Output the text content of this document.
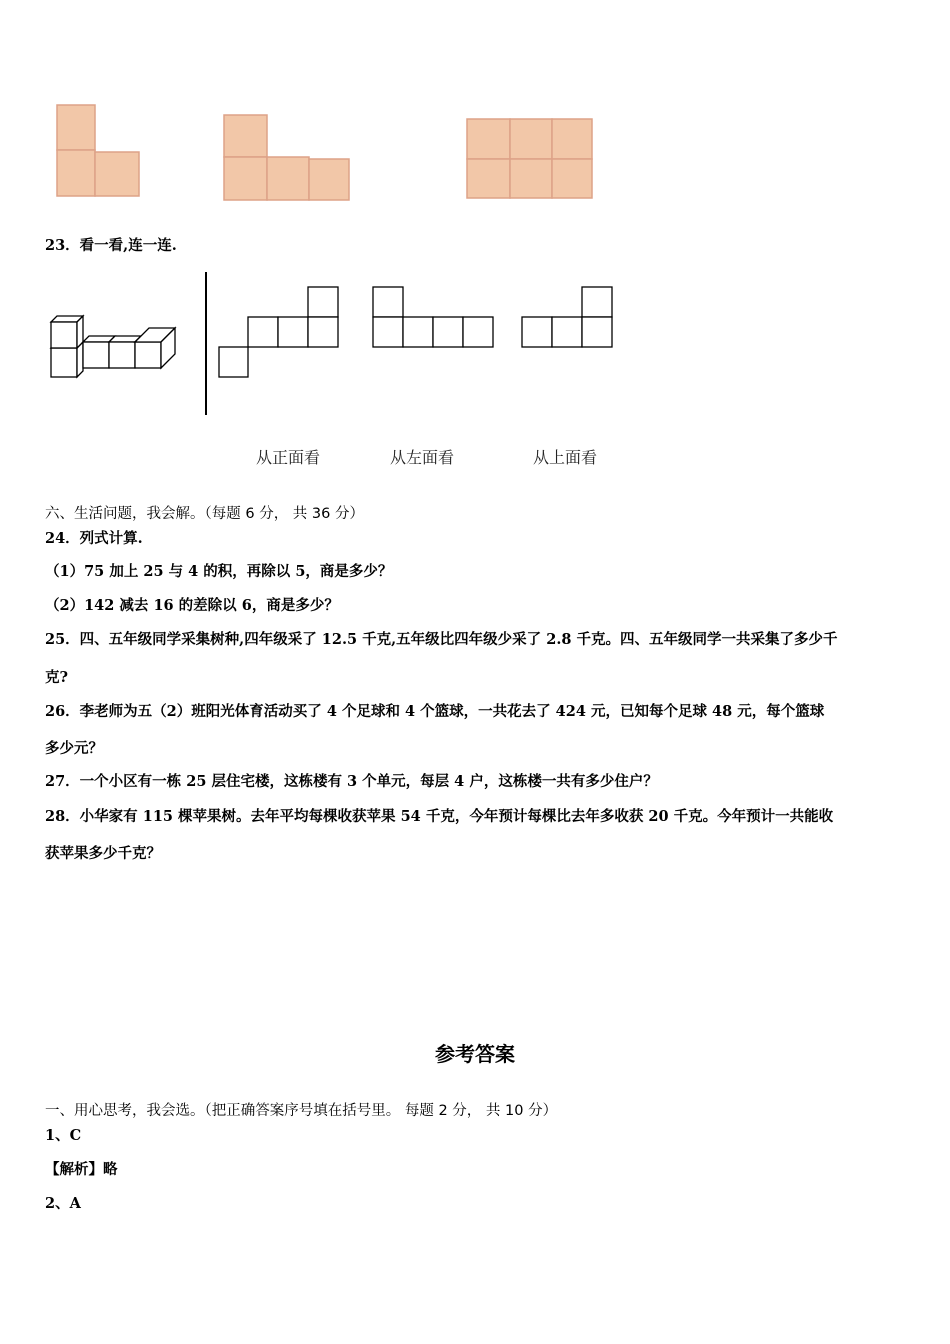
23．看一看,连一连.
从正面看	从左面看	从上面看
六、生活问题，我会解。（每题 6 分， 共 36 分）
24．列式计算.
（1）75 加上 25 与 4 的积，再除以 5，商是多少？
（2）142 减去 16 的差除以 6，商是多少？
25．四、五年级同学采集树种,四年级采了 12.5 千克,五年级比四年级少采了 2.8 千克。四、五年级同学一共采集了多少千
克?
26．李老师为五（2）班阳光体育活动买了 4 个足球和 4 个篮球，一共花去了 424 元，已知每个足球 48 元，每个篮球
多少元？
27．一个小区有一栋 25 层住宅楼，这栋楼有 3 个单元，每层 4 户，这栋楼一共有多少住户？
28．小华家有 115 棵苹果树。去年平均每棵收获苹果 54 千克，今年预计每棵比去年多收获 20 千克。今年预计一共能收
获苹果多少千克？
参考答案
一、用心思考，我会选。（把正确答案序号填在括号里。 每题 2 分， 共 10 分）
1、C
【解析】略
2、A
